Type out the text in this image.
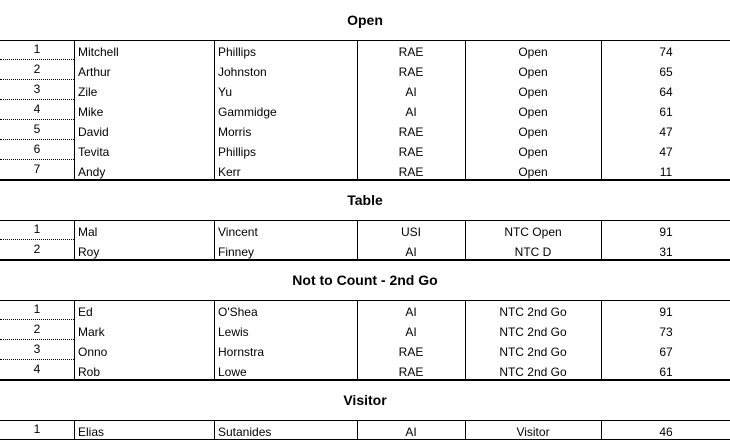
Open
1	Mitchell	Phillips	RAE	Open	74
2	Arthur	Johnston	RAE	Open	65
3	Zile	Yu	AI	Open	64
4	Mike	Gammidge	AI	Open	61
5	David	Morris	RAE	Open	47
6	Tevita	Phillips	RAE	Open	47
7	Andy	Kerr	RAE	Open	11
Table
1	Mal	Vincent	USI	NTC Open	91
2	Roy	Finney	AI	NTC D	31
Not to Count - 2nd Go
1	Ed	O'Shea	AI	NTC 2nd Go	91
2	Mark	Lewis	AI	NTC 2nd Go	73
3	Onno	Hornstra	RAE	NTC 2nd Go	67
4	Rob	Lowe	RAE	NTC 2nd Go	61
Visitor
1	Elias	Sutanides	AI	Visitor	46
